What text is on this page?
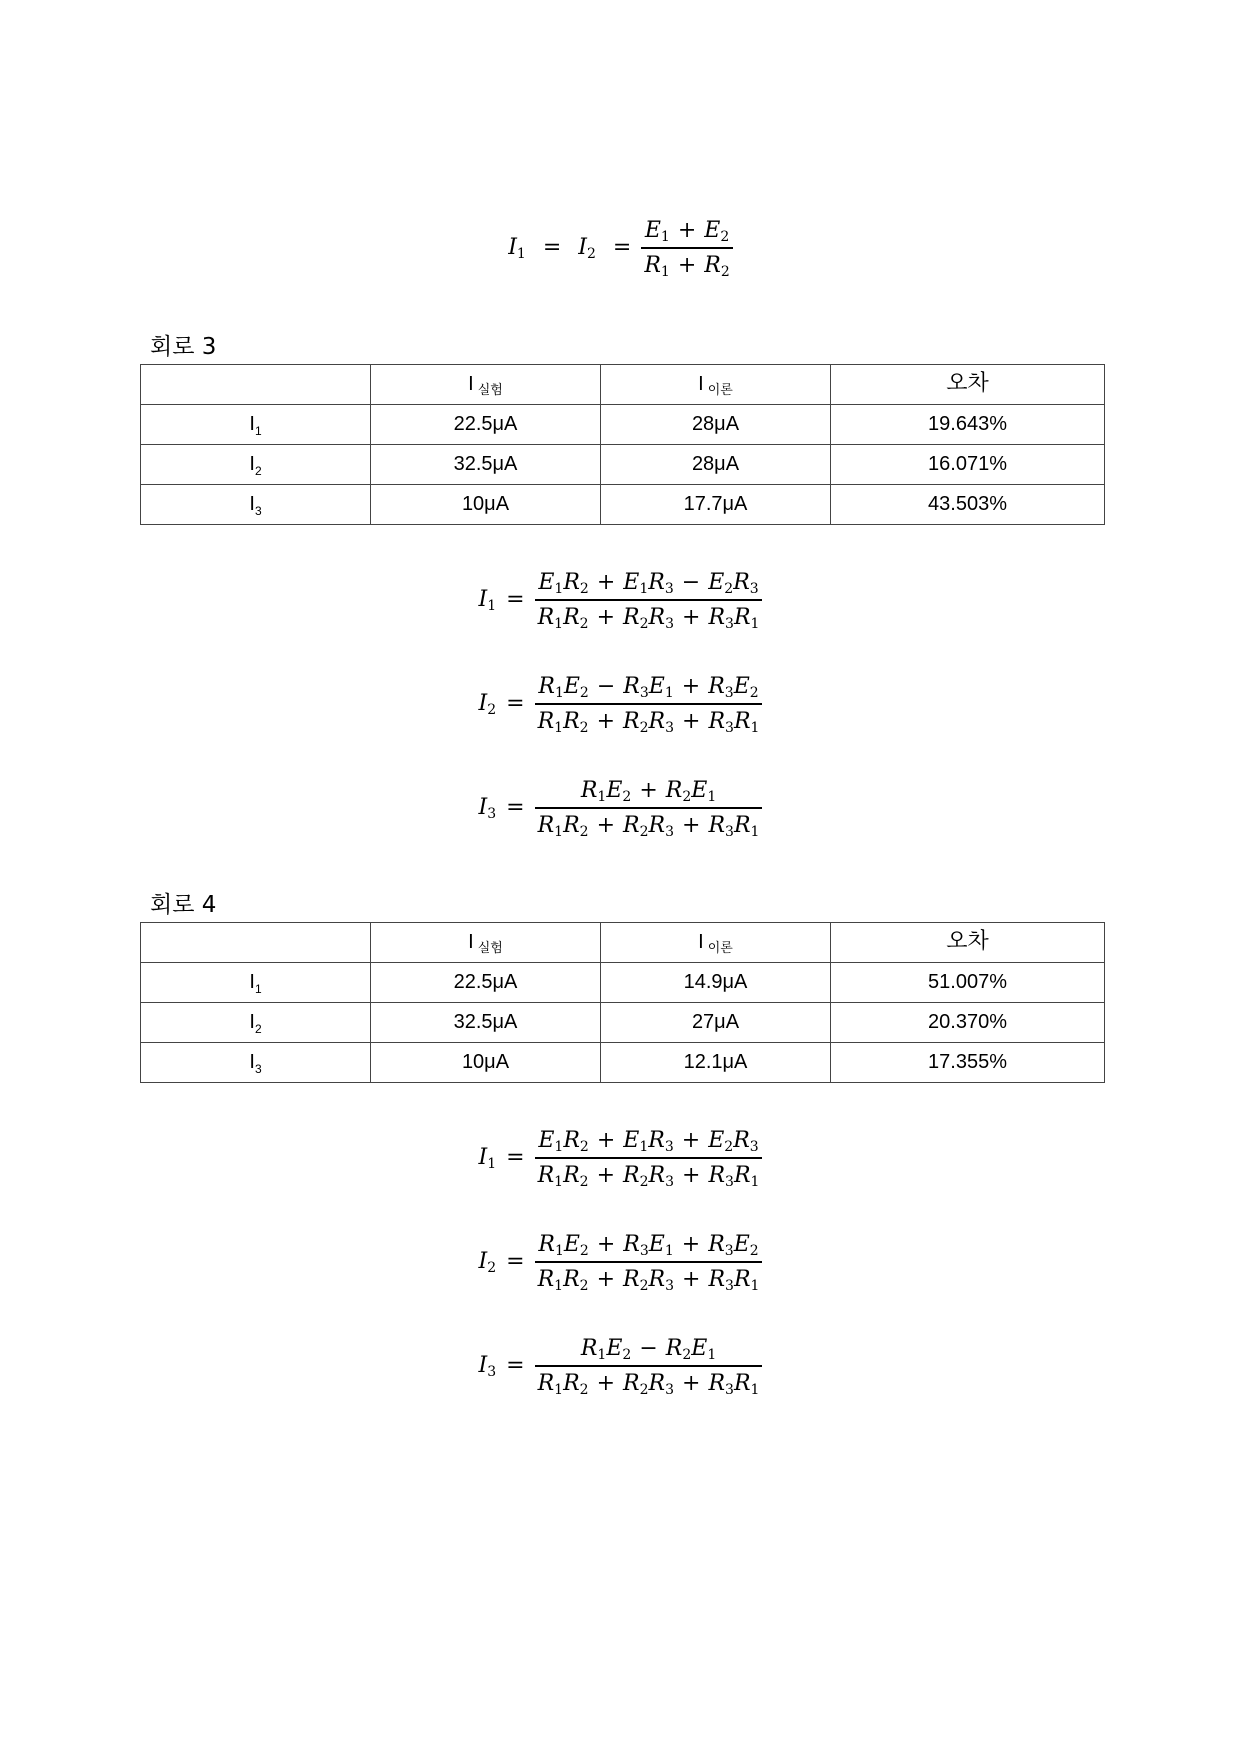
$I_1 = I_2 = \frac{E_1 + E_2}{R_1 + R_2}$
회로 3
	I $_{실험}$	I $_{이론}$	오차
$I_1$	22.5μA	28μA	19.643%
$I_2$	32.5μA	28μA	16.071%
$I_3$	10μA	17.7μA	43.503%
$I_1 = \frac{E_1R_2 + E_1R_3 - E_2R_3}{R_1R_2 + R_2R_3 + R_3R_1}$
$I_2 = \frac{R_1E_2 - R_3E_1 + R_3E_2}{R_1R_2 + R_2R_3 + R_3R_1}$
$I_3 = \frac{R_1E_2 + R_2E_1}{R_1R_2 + R_2R_3 + R_3R_1}$
회로 4
	I $_{실험}$	I $_{이론}$	오차
$I_1$	22.5μA	14.9μA	51.007%
$I_2$	32.5μA	27μA	20.370%
$I_3$	10μA	12.1μA	17.355%
$I_1 = \frac{E_1R_2 + E_1R_3 + E_2R_3}{R_1R_2 + R_2R_3 + R_3R_1}$
$I_2 = \frac{R_1E_2 + R_3E_1 + R_3E_2}{R_1R_2 + R_2R_3 + R_3R_1}$
$I_3 = \frac{R_1E_2 - R_2E_1}{R_1R_2 + R_2R_3 + R_3R_1}$
